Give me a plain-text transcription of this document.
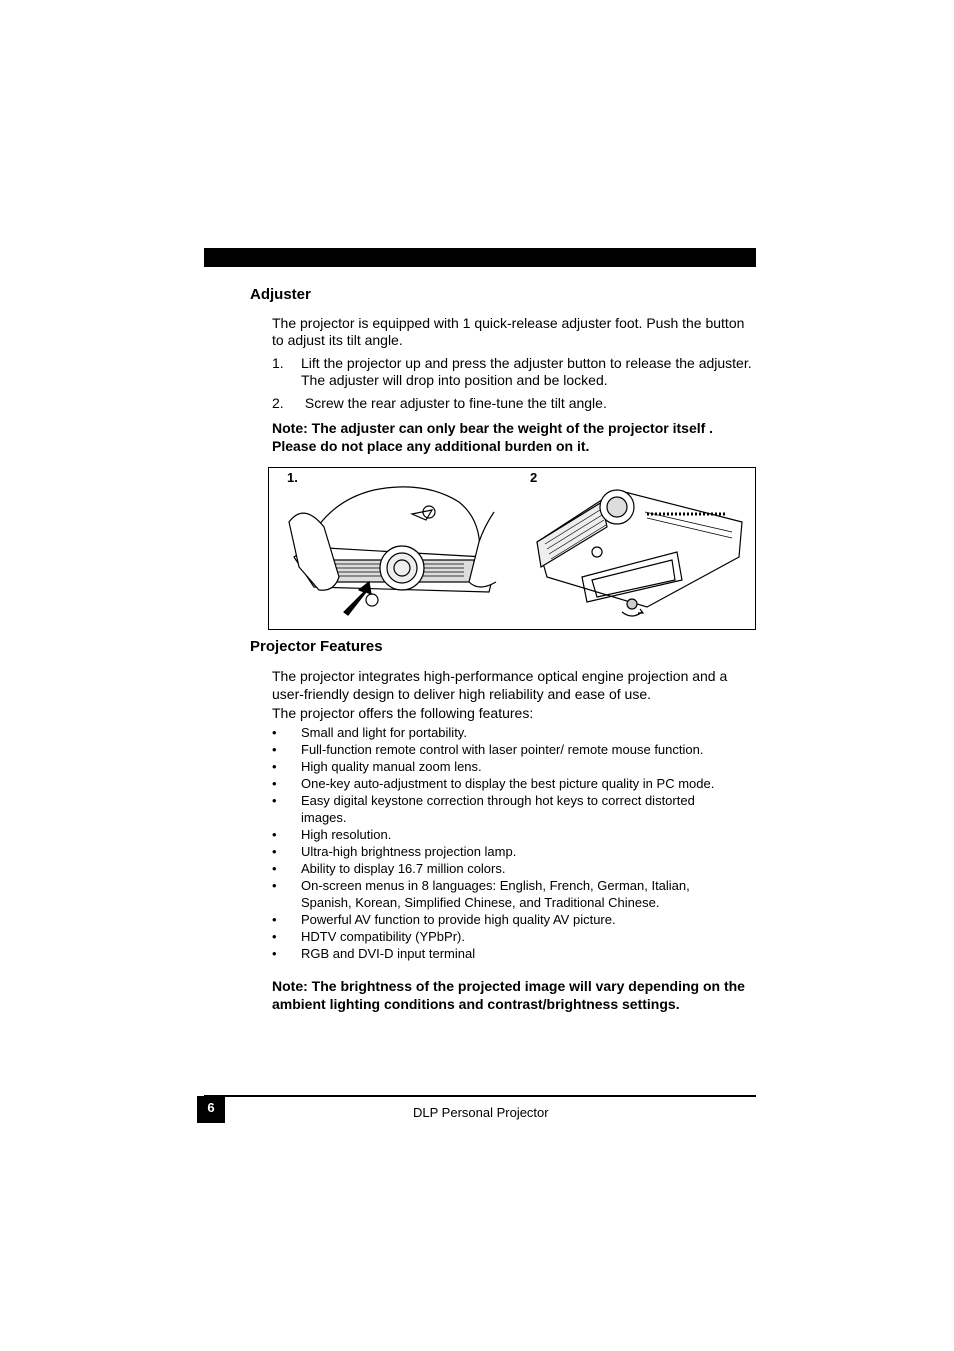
Adjuster
The projector is equipped with 1 quick-release adjuster foot. Push the button to adjust its tilt angle.
1. Lift the projector up and press the adjuster button to release the adjuster. The adjuster will drop into position and be locked.
2. Screw the rear adjuster to fine-tune the tilt angle.
Note: The adjuster can only bear the weight of the projector itself . Please do not place any additional burden on it.
1.	2
Projector Features
The projector integrates high-performance optical engine projection and a user-friendly design to deliver high reliability and ease of use.
The projector offers the following features:
• Small and light for portability.
• Full-function remote control with laser pointer/ remote mouse function.
• High quality manual zoom lens.
• One-key auto-adjustment to display the best picture quality in PC mode.
• Easy digital keystone correction through hot keys to correct distorted images.
• High resolution.
• Ultra-high brightness projection lamp.
• Ability to display 16.7 million colors.
• On-screen menus in 8 languages: English, French, German, Italian, Spanish, Korean, Simplified Chinese, and Traditional Chinese.
• Powerful AV function to provide high quality AV picture.
• HDTV compatibility (YPbPr).
• RGB and DVI-D input terminal
Note: The brightness of the projected image will vary depending on the ambient lighting conditions and contrast/brightness settings.
6	DLP Personal Projector
